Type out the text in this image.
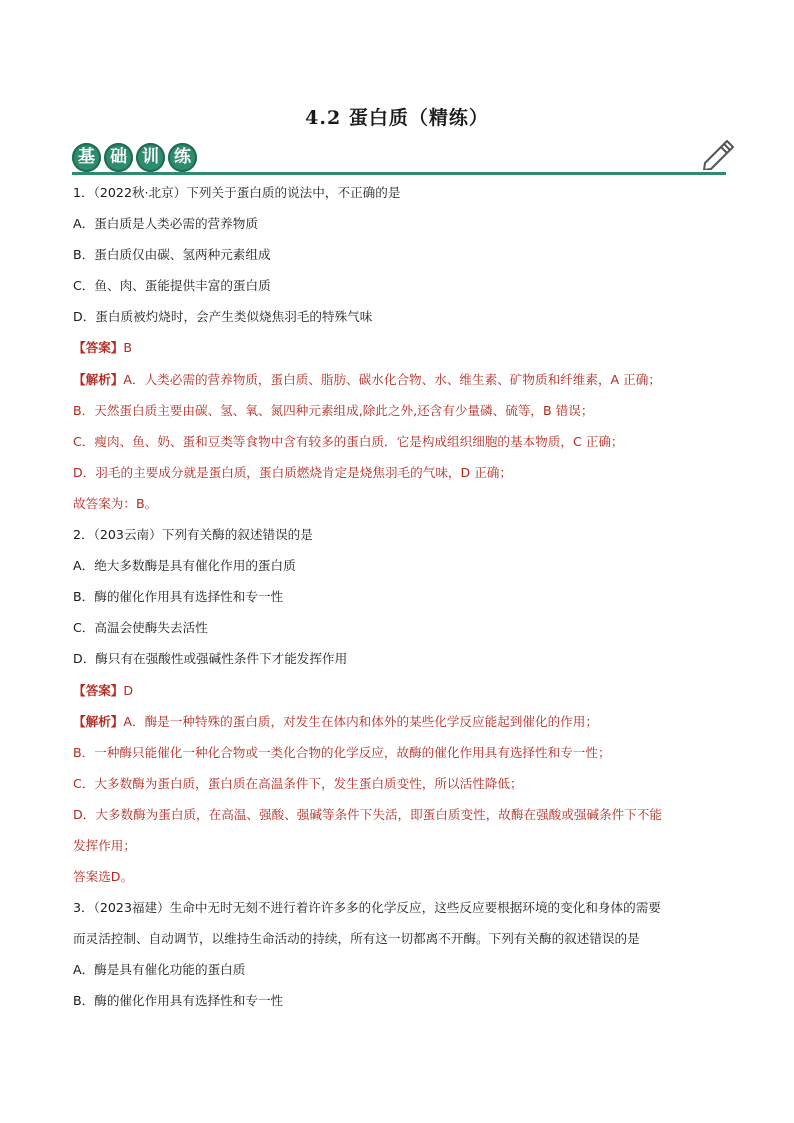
4.2 蛋白质（精练）
基 础 训 练
1．（2022秋·北京）下列关于蛋白质的说法中，不正确的是
A．蛋白质是人类必需的营养物质
B．蛋白质仅由碳、氢两种元素组成
C．鱼、肉、蛋能提供丰富的蛋白质
D．蛋白质被灼烧时，会产生类似烧焦羽毛的特殊气味
【答案】B
【解析】A．人类必需的营养物质，蛋白质、脂肪、碳水化合物、水、维生素、矿物质和纤维素，A 正确；
B．天然蛋白质主要由碳、氢、氧、氮四种元素组成,除此之外,还含有少量磷、硫等，B 错误；
C．瘦肉、鱼、奶、蛋和豆类等食物中含有较多的蛋白质．它是构成组织细胞的基本物质，C 正确；
D．羽毛的主要成分就是蛋白质，蛋白质燃烧肯定是烧焦羽毛的气味，D 正确；
故答案为：B。
2．（203云南）下列有关酶的叙述错误的是
A．绝大多数酶是具有催化作用的蛋白质
B．酶的催化作用具有选择性和专一性
C．高温会使酶失去活性
D．酶只有在强酸性或强碱性条件下才能发挥作用
【答案】D
【解析】A．酶是一种特殊的蛋白质，对发生在体内和体外的某些化学反应能起到催化的作用；
B．一种酶只能催化一种化合物或一类化合物的化学反应，故酶的催化作用具有选择性和专一性；
C．大多数酶为蛋白质，蛋白质在高温条件下，发生蛋白质变性，所以活性降低；
D．大多数酶为蛋白质，在高温、强酸、强碱等条件下失活，即蛋白质变性，故酶在强酸或强碱条件下不能
发挥作用；
答案选D。
3．（2023福建）生命中无时无刻不进行着许许多多的化学反应，这些反应要根据环境的变化和身体的需要
而灵活控制、自动调节，以维持生命活动的持续，所有这一切都离不开酶。下列有关酶的叙述错误的是
A．酶是具有催化功能的蛋白质
B．酶的催化作用具有选择性和专一性
